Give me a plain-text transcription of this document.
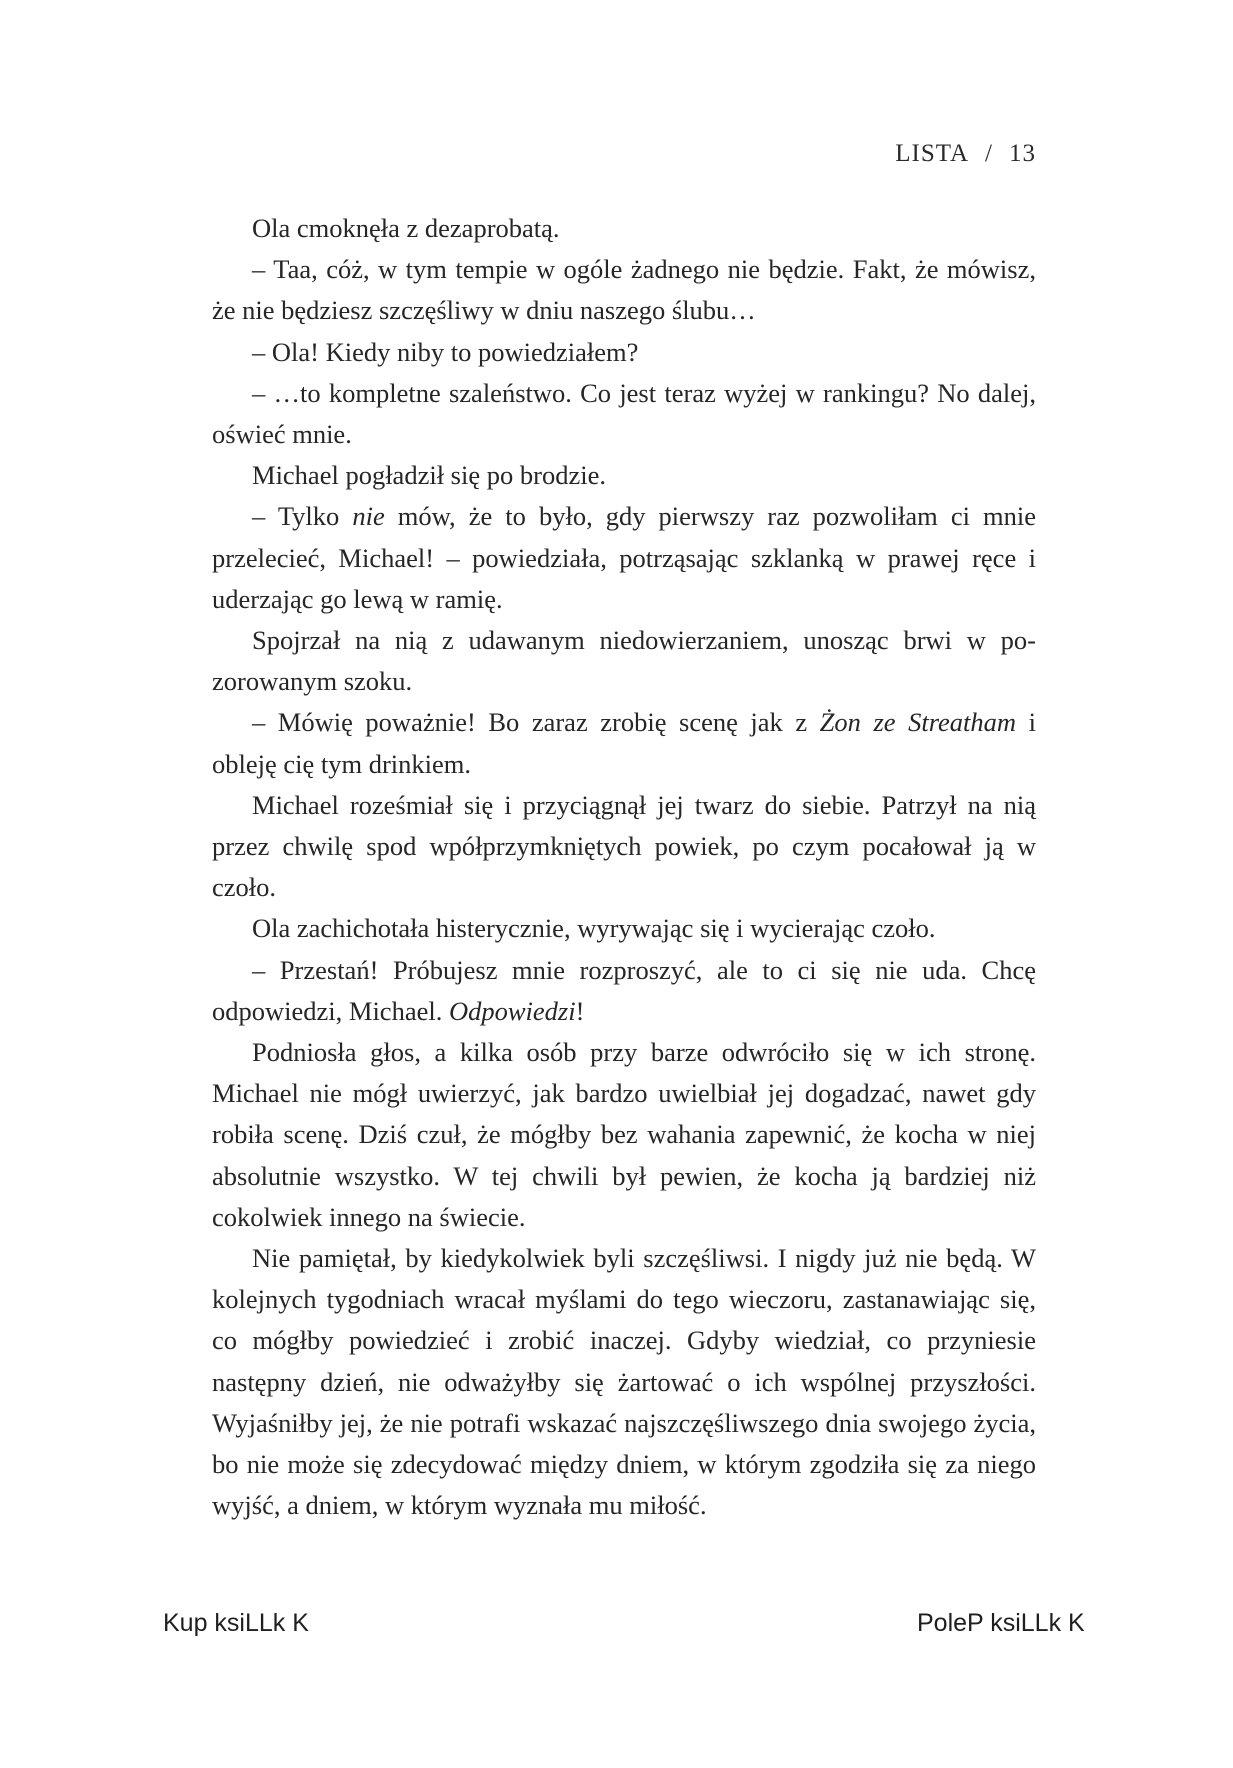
LISTA / 13

Ola cmoknęła z dezaprobatą.

– Taa, cóż, w tym tempie w ogóle żadnego nie będzie. Fakt, że mówisz, że nie będziesz szczęśliwy w dniu naszego ślubu…

– Ola! Kiedy niby to powiedziałem?

– …to kompletne szaleństwo. Co jest teraz wyżej w rankingu? No dalej, oświeć mnie.

Michael pogładził się po brodzie.

– Tylko nie mów, że to było, gdy pierwszy raz pozwoliłam ci mnie przelecieć, Michael! – powiedziała, potrząsając szklanką w prawej ręce i uderzając go lewą w ramię.

Spojrzał na nią z udawanym niedowierzaniem, unosząc brwi w pozorowanym szoku.

– Mówię poważnie! Bo zaraz zrobię scenę jak z Żon ze Streatham i obleję cię tym drinkiem.

Michael roześmiał się i przyciągnął jej twarz do siebie. Patrzył na nią przez chwilę spod wpółprzymkniętych powiek, po czym pocałował ją w czoło.

Ola zachichotała histerycznie, wyrywając się i wycierając czoło.

– Przestań! Próbujesz mnie rozproszyć, ale to ci się nie uda. Chcę odpowiedzi, Michael. Odpowiedzi!

Podniosła głos, a kilka osób przy barze odwróciło się w ich stronę. Michael nie mógł uwierzyć, jak bardzo uwielbiał jej dogadzać, nawet gdy robiła scenę. Dziś czuł, że mógłby bez wahania zapewnić, że kocha w niej absolutnie wszystko. W tej chwili był pewien, że kocha ją bardziej niż cokolwiek innego na świecie.

Nie pamiętał, by kiedykolwiek byli szczęśliwsi. I nigdy już nie będą. W kolejnych tygodniach wracał myślami do tego wieczoru, zastanawiając się, co mógłby powiedzieć i zrobić inaczej. Gdyby wiedział, co przyniesie następny dzień, nie odważyłby się żartować o ich wspólnej przyszłości. Wyjaśniłby jej, że nie potrafi wskazać najszczęśliwszego dnia swojego życia, bo nie może się zdecydować między dniem, w którym zgodziła się za niego wyjść, a dniem, w którym wyznała mu miłość.

Kup ksiLLk K	PoleP ksiLLk K
